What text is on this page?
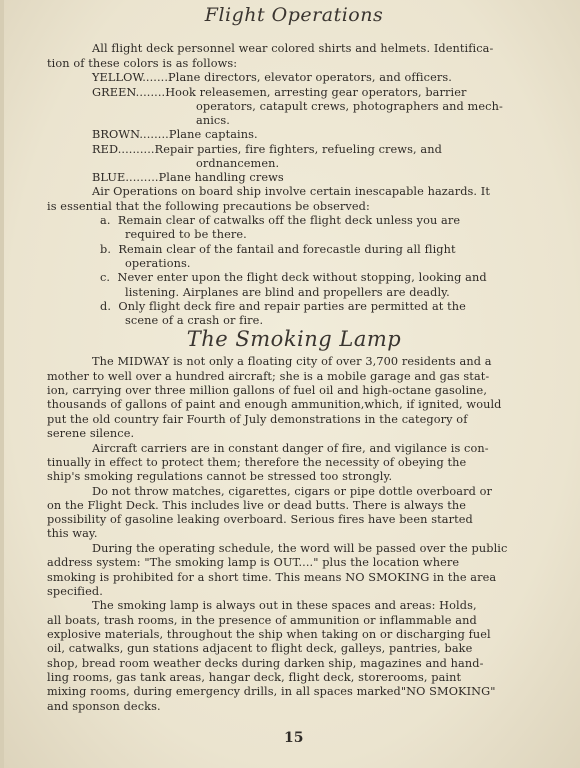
Flight Operations
All flight deck personnel wear colored shirts and helmets. Identifica-
tion of these colors is as follows:
YELLOW.......Plane directors, elevator operators, and officers.
GREEN........Hook releasemen, arresting gear operators, barrier
operators, catapult crews, photographers and mech-
anics.
BROWN........Plane captains.
RED..........Repair parties, fire fighters, refueling crews, and
ordnancemen.
BLUE.........Plane handling crews
Air Operations on board ship involve certain inescapable hazards. It
is essential that the following precautions be observed:
a.  Remain clear of catwalks off the flight deck unless you are
required to be there.
b.  Remain clear of the fantail and forecastle during all flight
operations.
c.  Never enter upon the flight deck without stopping, looking and
listening. Airplanes are blind and propellers are deadly.
d.  Only flight deck fire and repair parties are permitted at the
scene of a crash or fire.
The Smoking Lamp
The MIDWAY is not only a floating city of over 3,700 residents and a
mother to well over a hundred aircraft; she is a mobile garage and gas stat-
ion, carrying over three million gallons of fuel oil and high-octane gasoline,
thousands of gallons of paint and enough ammunition,which, if ignited, would
put the old country fair Fourth of July demonstrations in the category of
serene silence.
Aircraft carriers are in constant danger of fire, and vigilance is con-
tinually in effect to protect them; therefore the necessity of obeying the
ship's smoking regulations cannot be stressed too strongly.
Do not throw matches, cigarettes, cigars or pipe dottle overboard or
on the Flight Deck. This includes live or dead butts. There is always the
possibility of gasoline leaking overboard. Serious fires have been started
this way.
During the operating schedule, the word will be passed over the public
address system: "The smoking lamp is OUT...." plus the location where
smoking is prohibited for a short time. This means NO SMOKING in the area
specified.
The smoking lamp is always out in these spaces and areas: Holds,
all boats, trash rooms, in the presence of ammunition or inflammable and
explosive materials, throughout the ship when taking on or discharging fuel
oil, catwalks, gun stations adjacent to flight deck, galleys, pantries, bake
shop, bread room weather decks during darken ship, magazines and hand-
ling rooms, gas tank areas, hangar deck, flight deck, storerooms, paint
mixing rooms, during emergency drills, in all spaces marked"NO SMOKING"
and sponson decks.
15
